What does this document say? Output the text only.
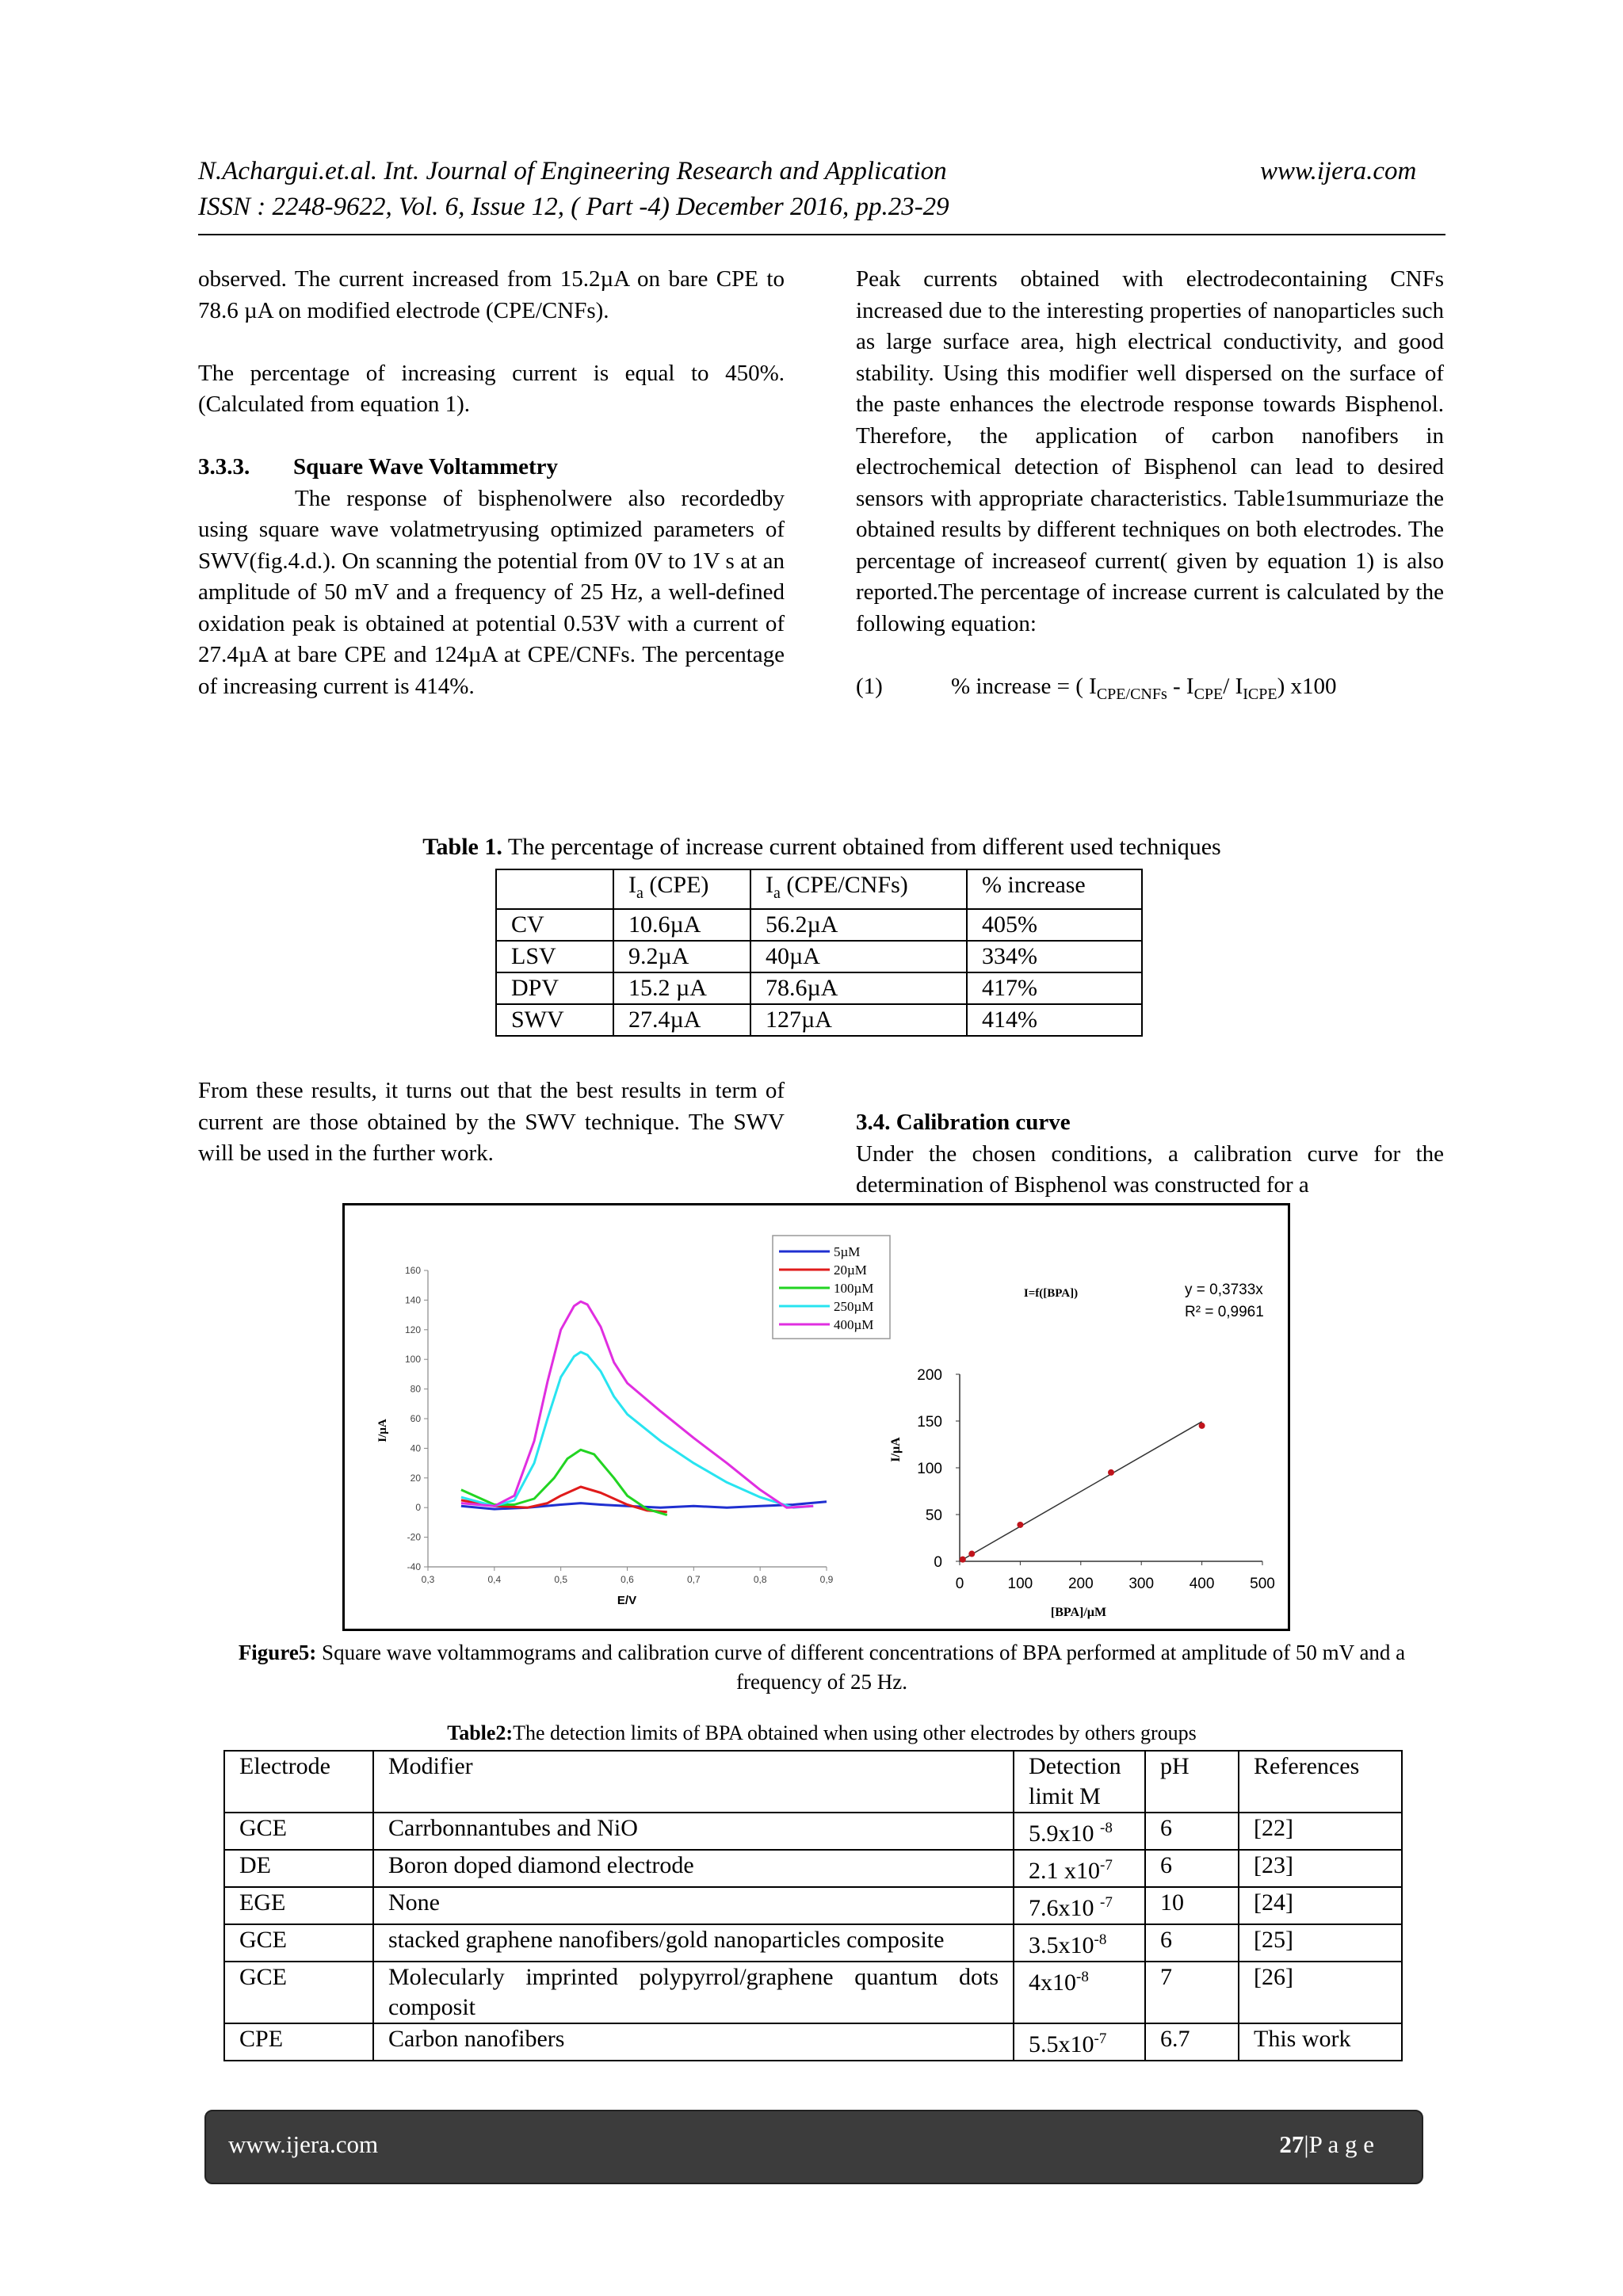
N.Achargui.et.al. Int. Journal of Engineering Research and Application	www.ijera.com
ISSN : 2248-9622, Vol. 6, Issue 12, ( Part -4) December 2016, pp.23-29

observed. The current increased from 15.2µA on bare CPE to 78.6 µA on modified electrode (CPE/CNFs).

The percentage of increasing current is equal to 450%.(Calculated from equation 1).

3.3.3. Square Wave Voltammetry

The response of bisphenolwere also recordedby using square wave volatmetryusing optimized parameters of SWV(fig.4.d.). On scanning the potential from 0V to 1V s at an amplitude of 50 mV and a frequency of 25 Hz, a well-defined oxidation peak is obtained at potential 0.53V with a current of 27.4µA at bare CPE and 124µA at CPE/CNFs. The percentage of increasing current is 414%.

Peak currents obtained with electrodecontaining CNFs increased due to the interesting properties of nanoparticles such as large surface area, high electrical conductivity, and good stability. Using this modifier well dispersed on the surface of the paste enhances the electrode response towards Bisphenol. Therefore, the application of carbon nanofibers in electrochemical detection of Bisphenol can lead to desired sensors with appropriate characteristics. Table1summuriaze the obtained results by different techniques on both electrodes. The percentage of increaseof current( given by equation 1) is also reported.The percentage of increase current is calculated by the following equation:

(1)	% increase = ( $I_{CPE/CNFs} - I_{CPE}/$ $I_{ICPE}$) x100

Table 1. The percentage of increase current obtained from different used techniques
	$I_a$ (CPE)	$I_a$ (CPE/CNFs)	% increase
CV	10.6µA	56.2µA	405%
LSV	9.2µA	40µA	334%
DPV	15.2 µA	78.6µA	417%
SWV	27.4µA	127µA	414%
From these results, it turns out that the best results in term of current are those obtained by the SWV technique. The SWV will be used in the further work.

3.4. Calibration curve

Under the chosen conditions, a calibration curve for the determination of Bisphenol was constructed for a

0,3	0,4	0,5	0,6	0,7	0,8	0,9
160
140
120
100
80
60
40
20
0
-20
-40
E/V
I/µA
5µM
20µM
100µM
250µM
400µM
0	100 200 300 400 500
200
150
100
50
0
I=f([BPA])	y = 0,3733x
R² = 0,9961
[BPA]/µM
I/µA
Figure5: Square wave voltammograms and calibration curve of different concentrations of BPA performed at amplitude of 50 mV and a frequency of 25 Hz.
Table2:The detection limits of BPA obtained when using other electrodes by others groups
Electrode	Modifier	Detection limit M	pH	References
GCE	Carrbonnantubes and NiO	5.9x10 $^{-8}$	6	[22]
DE	Boron doped diamond electrode	2.1 $x10^{-7}$	6	[23]
EGE	None	7.6x10 $^{-7}$	10	[24]
GCE	stacked graphene nanofibers/gold nanoparticles composite	$3.5x10^{-8}$	6	[25]
GCE	Molecularly imprinted polypyrrol/graphene quantum dots composit	$4x10^{-8}$	7	[26]
CPE	Carbon nanofibers	$5.5x10^{-7}$	6.7	This work
www.ijera.com	27|P a g e
